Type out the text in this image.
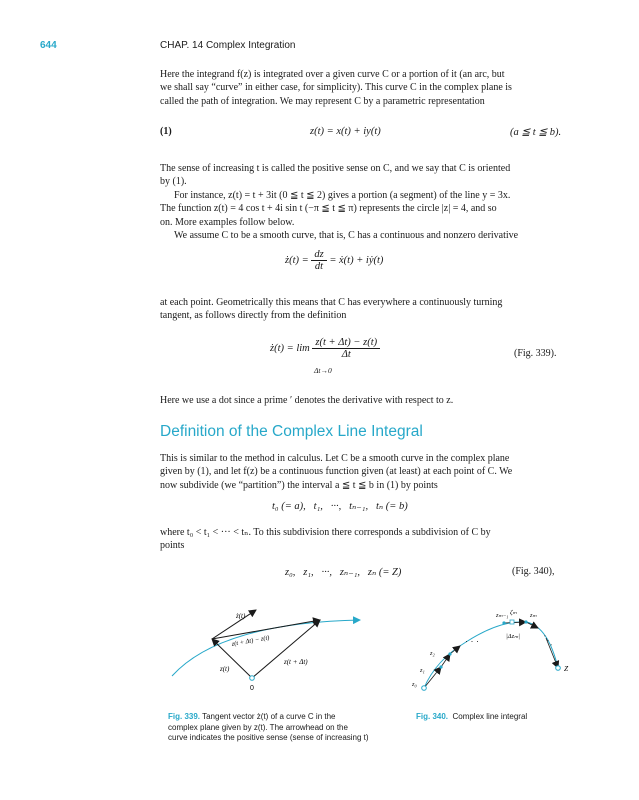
644	CHAP. 14 Complex Integration
Here the integrand f(z) is integrated over a given curve C or a portion of it (an arc, but
we shall say “curve” in either case, for simplicity). This curve C in the complex plane is
called the path of integration. We may represent C by a parametric representation
(1)	z(t) = x(t) + iy(t)	(a ≦ t ≦ b).
The sense of increasing t is called the positive sense on C, and we say that C is oriented
by (1).
For instance, z(t) = t + 3it (0 ≦ t ≦ 2) gives a portion (a segment) of the line y = 3x.
The function z(t) = 4 cos t + 4i sin t (−π ≦ t ≦ π) represents the circle |z| = 4, and so
on. More examples follow below.
We assume C to be a smooth curve, that is, C has a continuous and nonzero derivative
ż(t) = $\frac{dz}{dt}$ = ẋ(t) + iẏ(t)
at each point. Geometrically this means that C has everywhere a continuously turning
tangent, as follows directly from the definition
ż(t) = $\lim \frac{z(t + \Delta t) - z(t)}{\Delta t}$
Δt→0
(Fig. 339).
Here we use a dot since a prime ′ denotes the derivative with respect to z.
Definition of the Complex Line Integral
This is similar to the method in calculus. Let C be a smooth curve in the complex plane
given by (1), and let f(z) be a continuous function given (at least) at each point of C. We
now subdivide (we “partition”) the interval a ≦ t ≦ b in (1) by points
t₀ (= a),   t₁,   ···,   tₙ₋₁,   tₙ (= b)
where t₀ < t₁ < ··· < tₙ. To this subdivision there corresponds a subdivision of C by
points
z₀,   z₁,   ···,   zₙ₋₁,   zₙ (= Z)	(Fig. 340),
ż(t)
z(t + Δt) − z(t)
z(t)
z(t + Δt)
0
Fig. 339. Tangent vector ż(t) of a curve C in the
complex plane given by z(t). The arrowhead on the
curve indicates the positive sense (sense of increasing t)
· · ·	· · ·
zₘ₋₁ ζₘ zₘ
|Δzₘ|
z₂
z₁
z₀
Z
Fig. 340. Complex line integral
